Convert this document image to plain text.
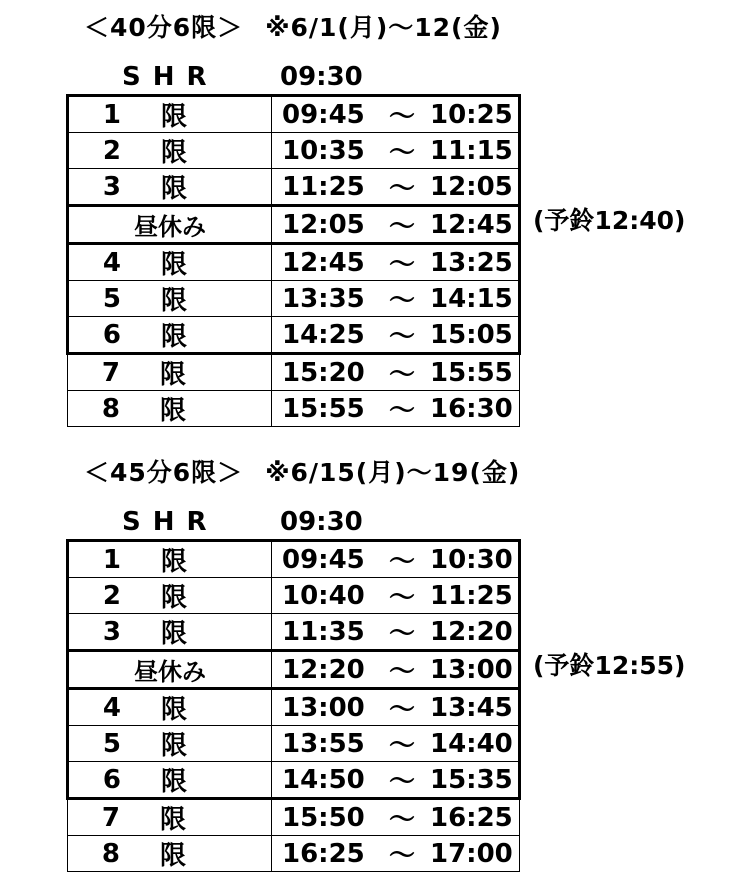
＜40分6限＞ ※6/1(月)〜12(金)
SHR 09:30
1 限	09:45 〜 10:25

2 限	10:35 〜 11:15

3 限	11:25 〜 12:05

昼休み	12:05 〜 12:45

4 限	12:45 〜 13:25

5 限	13:35 〜 14:15

6 限	14:25 〜 15:05

7 限	15:20 〜 15:55

8 限	15:55 〜 16:30
(予鈴12:40)
＜45分6限＞ ※6/15(月)〜19(金)
SHR 09:30
1 限	09:45 〜 10:30

2 限	10:40 〜 11:25

3 限	11:35 〜 12:20

昼休み	12:20 〜 13:00

4 限	13:00 〜 13:45

5 限	13:55 〜 14:40

6 限	14:50 〜 15:35

7 限	15:50 〜 16:25

8 限	16:25 〜 17:00
(予鈴12:55)
